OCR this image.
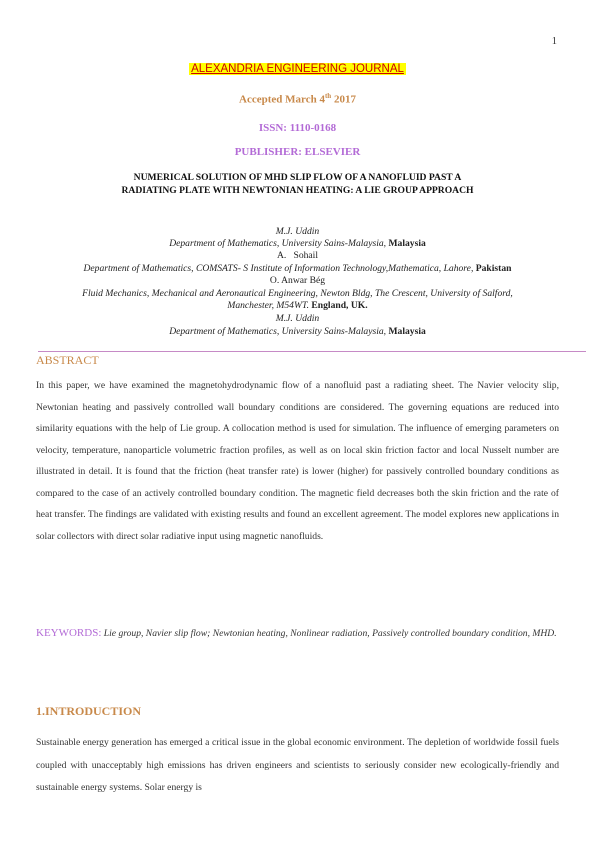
1
ALEXANDRIA ENGINEERING JOURNAL
Accepted March 4th 2017
ISSN: 1110-0168
PUBLISHER: ELSEVIER
NUMERICAL SOLUTION OF MHD SLIP FLOW OF A NANOFLUID PAST A
RADIATING PLATE WITH NEWTONIAN HEATING: A LIE GROUP APPROACH
M.J. Uddin
Department of Mathematics, University Sains-Malaysia, Malaysia
A.   Sohail
Department of Mathematics, COMSATS- S Institute of Information Technology,Mathematica, Lahore, Pakistan
O. Anwar Bég
Fluid Mechanics, Mechanical and Aeronautical Engineering, Newton Bldg, The Crescent, University of Salford,
Manchester, M54WT. England, UK.
M.J. Uddin
Department of Mathematics, University Sains-Malaysia, Malaysia
ABSTRACT
In this paper, we have examined the magnetohydrodynamic flow of a nanofluid past a radiating sheet. The Navier velocity slip, Newtonian heating and passively controlled wall boundary conditions are considered. The governing equations are reduced into similarity equations with the help of Lie group. A collocation method is used for simulation. The influence of emerging parameters on velocity, temperature, nanoparticle volumetric fraction profiles, as well as on local skin friction factor and local Nusselt number are illustrated in detail. It is found that the friction (heat transfer rate) is lower (higher) for passively controlled boundary conditions as compared to the case of an actively controlled boundary condition. The magnetic field decreases both the skin friction and the rate of heat transfer. The findings are validated with existing results and found an excellent agreement. The model explores new applications in solar collectors with direct solar radiative input using magnetic nanofluids.
KEYWORDS: Lie group, Navier slip flow; Newtonian heating, Nonlinear radiation, Passively controlled boundary condition, MHD.
1.INTRODUCTION
Sustainable energy generation has emerged a critical issue in the global economic environment. The depletion of worldwide fossil fuels coupled with unacceptably high emissions has driven engineers and scientists to seriously consider new ecologically-friendly and sustainable energy systems. Solar energy is
